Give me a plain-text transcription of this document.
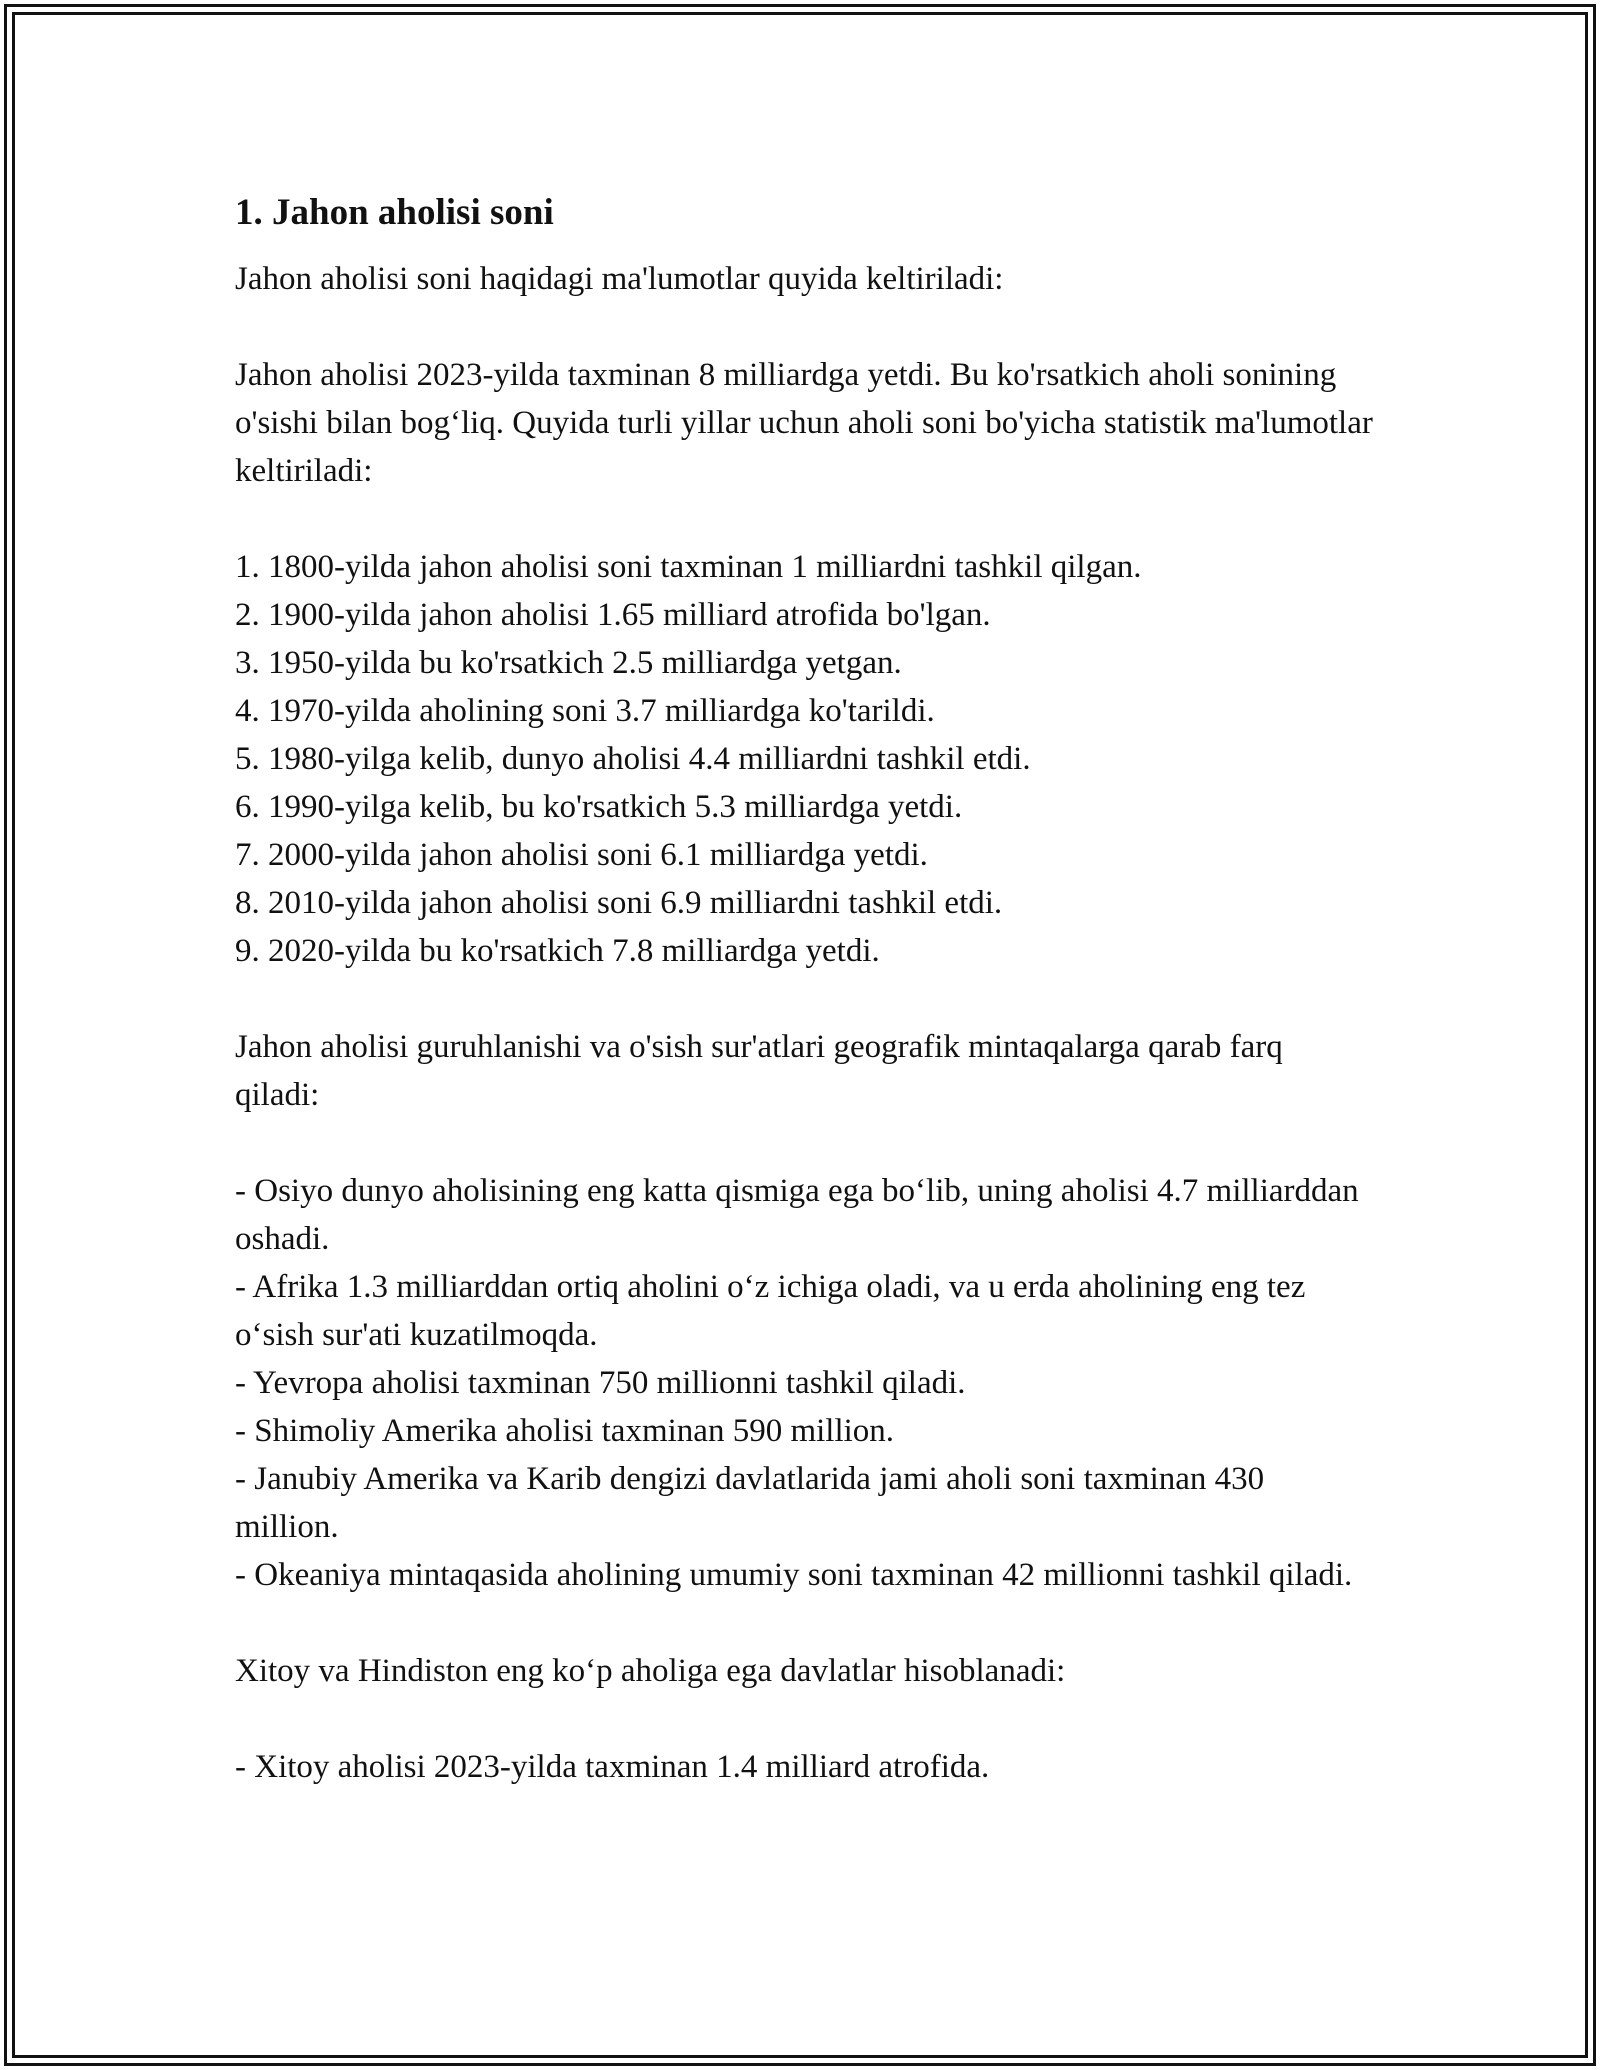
1. Jahon aholisi soni

Jahon aholisi soni haqidagi ma'lumotlar quyida keltiriladi:

Jahon aholisi 2023-yilda taxminan 8 milliardga yetdi. Bu ko'rsatkich aholi sonining o'sishi bilan bog‘liq. Quyida turli yillar uchun aholi soni bo'yicha statistik ma'lumotlar keltiriladi:

1. 1800-yilda jahon aholisi soni taxminan 1 milliardni tashkil qilgan.
2. 1900-yilda jahon aholisi 1.65 milliard atrofida bo'lgan.
3. 1950-yilda bu ko'rsatkich 2.5 milliardga yetgan.
4. 1970-yilda aholining soni 3.7 milliardga ko'tarildi.
5. 1980-yilga kelib, dunyo aholisi 4.4 milliardni tashkil etdi.
6. 1990-yilga kelib, bu ko'rsatkich 5.3 milliardga yetdi.
7. 2000-yilda jahon aholisi soni 6.1 milliardga yetdi.
8. 2010-yilda jahon aholisi soni 6.9 milliardni tashkil etdi.
9. 2020-yilda bu ko'rsatkich 7.8 milliardga yetdi.

Jahon aholisi guruhlanishi va o'sish sur'atlari geografik mintaqalarga qarab farq qiladi:

- Osiyo dunyo aholisining eng katta qismiga ega bo‘lib, uning aholisi 4.7 milliarddan oshadi.
- Afrika 1.3 milliarddan ortiq aholini o‘z ichiga oladi, va u erda aholining eng tez o‘sish sur'ati kuzatilmoqda.
- Yevropa aholisi taxminan 750 millionni tashkil qiladi.
- Shimoliy Amerika aholisi taxminan 590 million.
- Janubiy Amerika va Karib dengizi davlatlarida jami aholi soni taxminan 430 million.
- Okeaniya mintaqasida aholining umumiy soni taxminan 42 millionni tashkil qiladi.

Xitoy va Hindiston eng ko‘p aholiga ega davlatlar hisoblanadi:

- Xitoy aholisi 2023-yilda taxminan 1.4 milliard atrofida.
